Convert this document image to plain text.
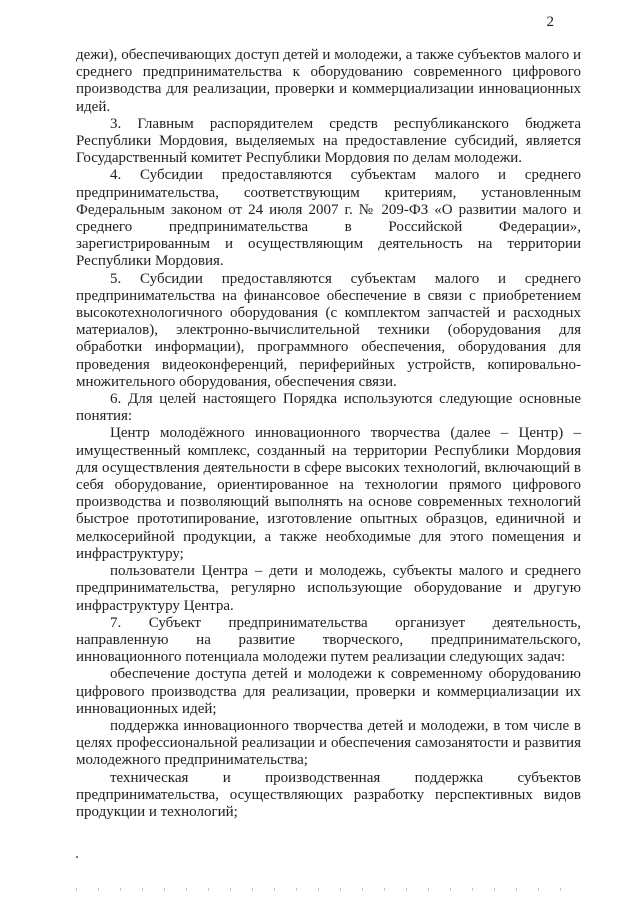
2

дежи), обеспечивающих доступ детей и молодежи, а также субъектов малого и среднего предпринимательства к оборудованию современного цифрового производства для реализации, проверки и коммерциализации инновационных идей.

3. Главным распорядителем средств республиканского бюджета Республики Мордовия, выделяемых на предоставление субсидий, является Государственный комитет Республики Мордовия по делам молодежи.

4. Субсидии предоставляются субъектам малого и среднего предпринимательства, соответствующим критериям, установленным Федеральным законом от 24 июля 2007 г. № 209-ФЗ «О развитии малого и среднего предпринимательства в Российской Федерации», зарегистрированным и осуществляющим деятельность на территории Республики Мордовия.

5. Субсидии предоставляются субъектам малого и среднего предпринимательства на финансовое обеспечение в связи с приобретением высокотехнологичного оборудования (с комплектом запчастей и расходных материалов), электронно-вычислительной техники (оборудования для обработки информации), программного обеспечения, оборудования для проведения видеоконференций, периферийных устройств, копировально-множительного оборудования, обеспечения связи.

6. Для целей настоящего Порядка используются следующие основные понятия:

Центр молодёжного инновационного творчества (далее – Центр) – имущественный комплекс, созданный на территории Республики Мордовия для осуществления деятельности в сфере высоких технологий, включающий в себя оборудование, ориентированное на технологии прямого цифрового производства и позволяющий выполнять на основе современных технологий быстрое прототипирование, изготовление опытных образцов, единичной и мелкосерийной продукции, а также необходимые для этого помещения и инфраструктуру;

пользователи Центра – дети и молодежь, субъекты малого и среднего предпринимательства, регулярно использующие оборудование и другую инфраструктуру Центра.

7. Субъект предпринимательства организует деятельность, направленную на развитие творческого, предпринимательского, инновационного потенциала молодежи путем реализации следующих задач:

обеспечение доступа детей и молодежи к современному оборудованию цифрового производства для реализации, проверки и коммерциализации их инновационных идей;

поддержка инновационного творчества детей и молодежи, в том числе в целях профессиональной реализации и обеспечения самозанятости и развития молодежного предпринимательства;

техническая и производственная поддержка субъектов предпринимательства, осуществляющих разработку перспективных видов продукции и технологий;
